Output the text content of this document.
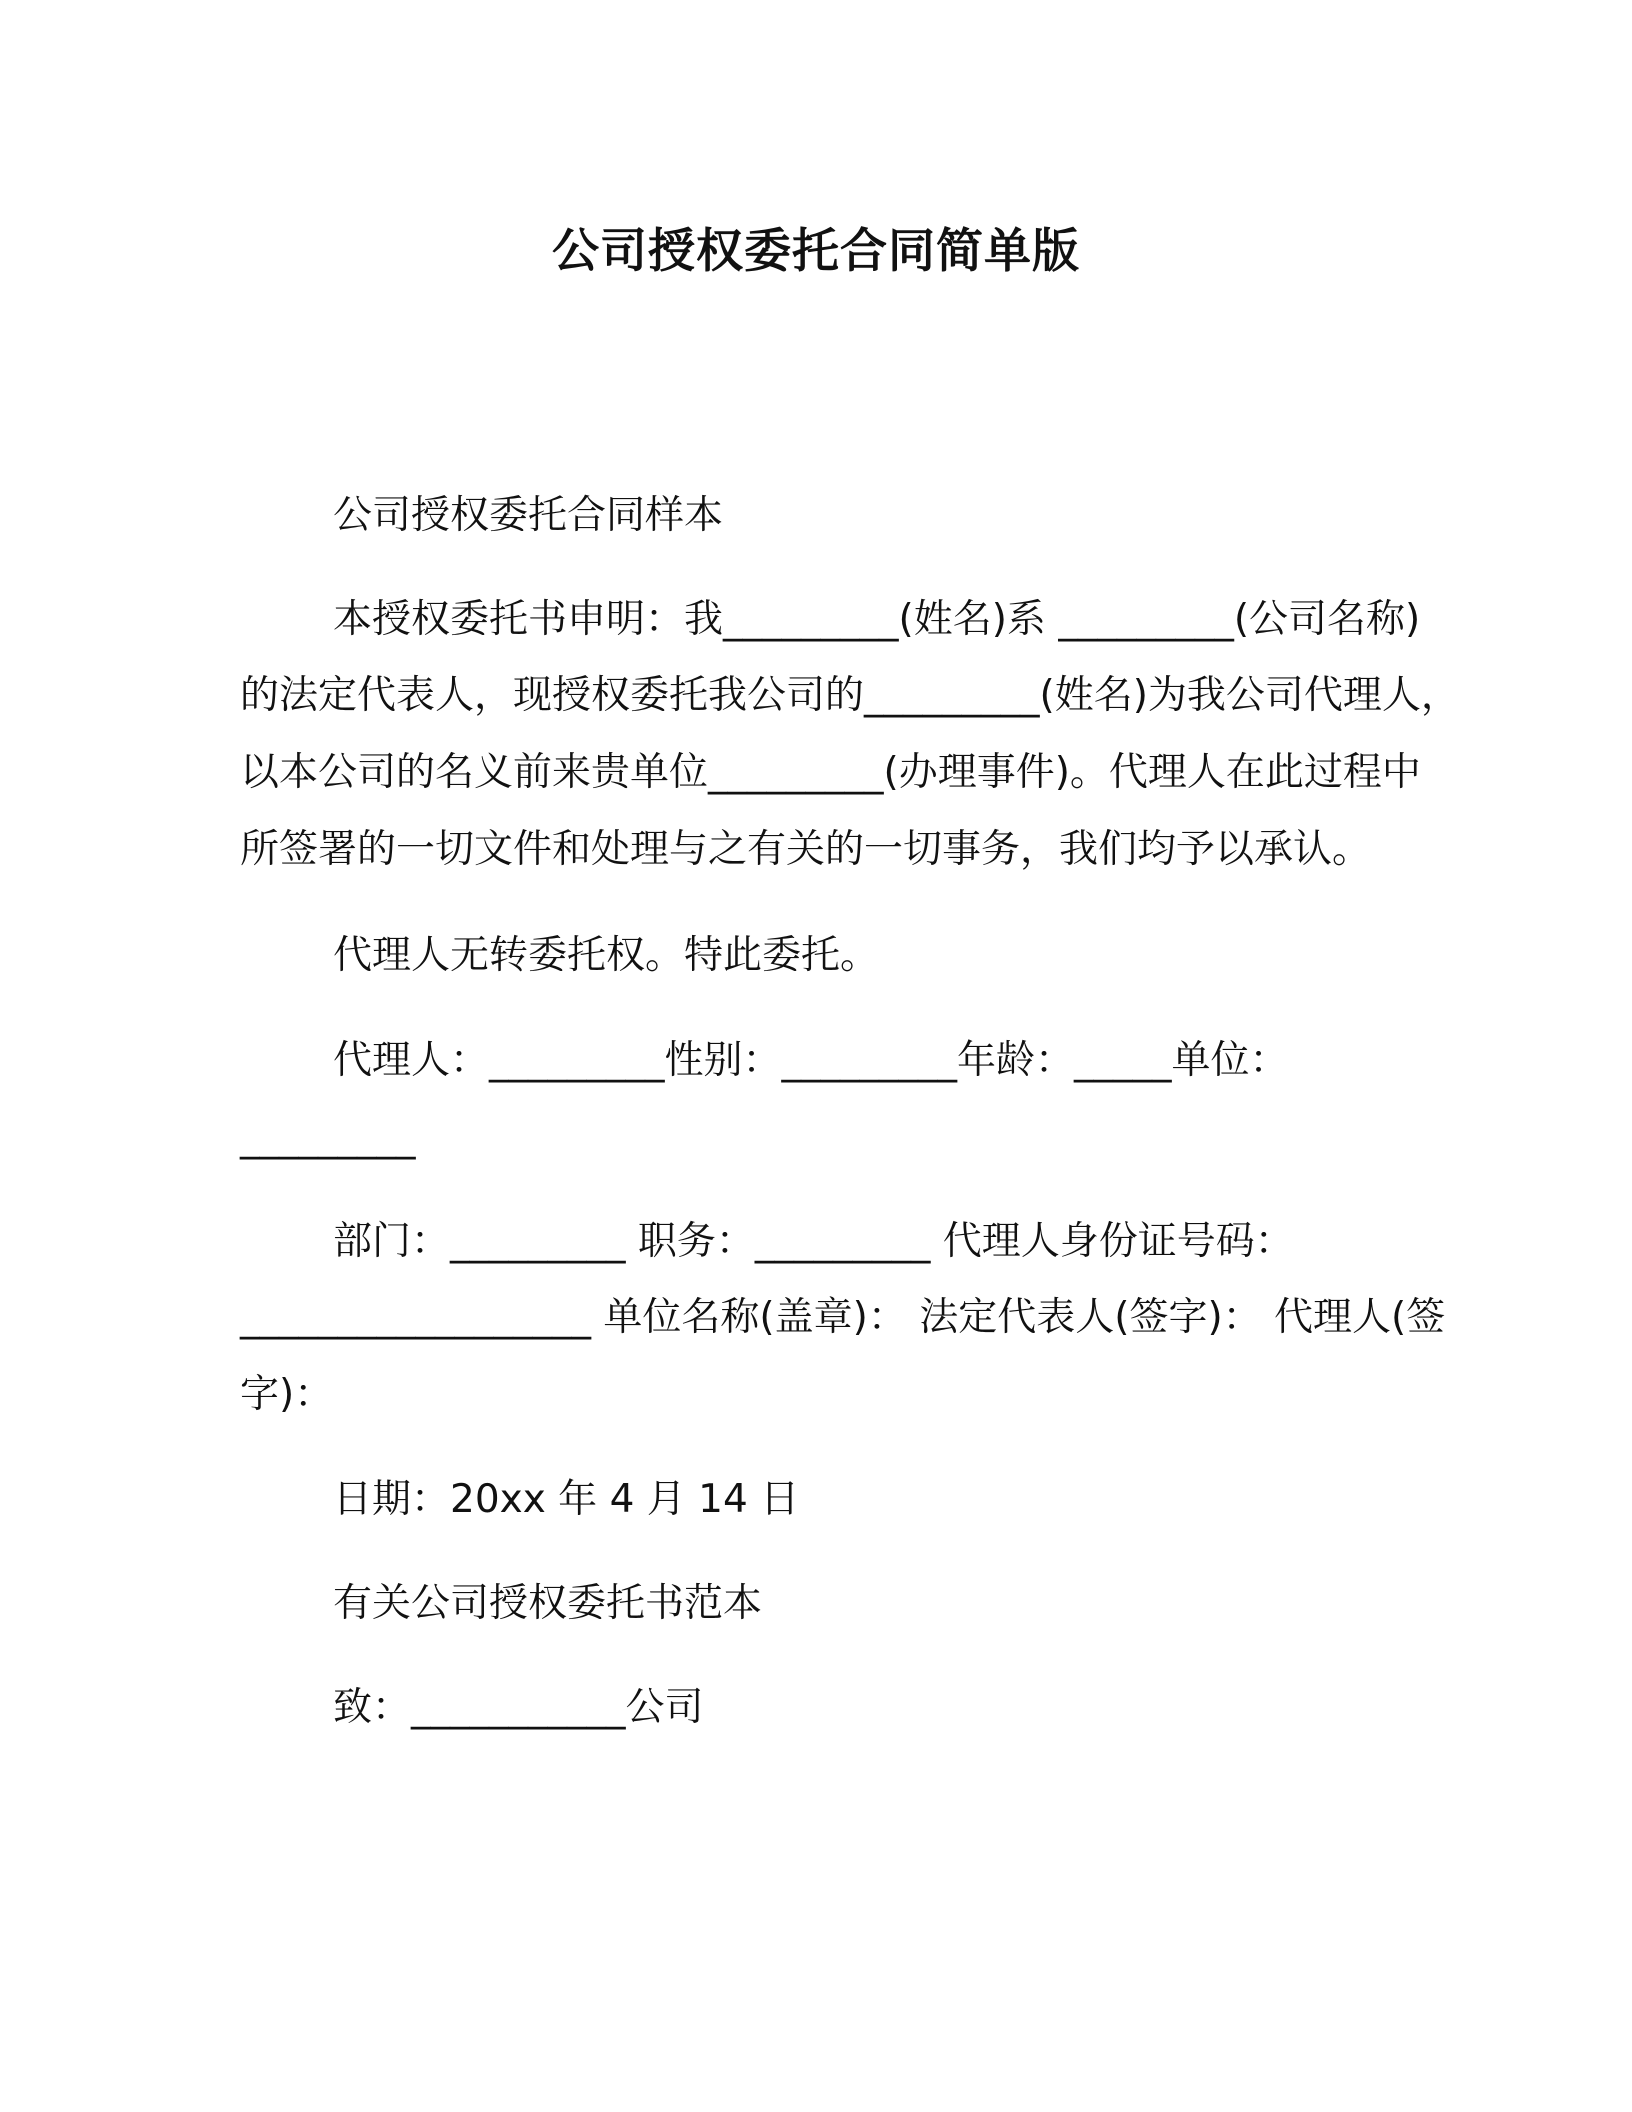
公司授权委托合同简单版
公司授权委托合同样本
本授权委托书申明：我_________(姓名)系 _________(公司名称)
的法定代表人，现授权委托我公司的_________(姓名)为我公司代理人，
以本公司的名义前来贵单位_________(办理事件)。代理人在此过程中
所签署的一切文件和处理与之有关的一切事务，我们均予以承认。
代理人无转委托权。特此委托。
代理人：_________性别：_________年龄：_____单位：
_________
部门：_________ 职务：_________ 代理人身份证号码：
__________________ 单位名称(盖章)： 法定代表人(签字)： 代理人(签
字)：
日期：20xx 年 4 月 14 日
有关公司授权委托书范本
致：___________公司
